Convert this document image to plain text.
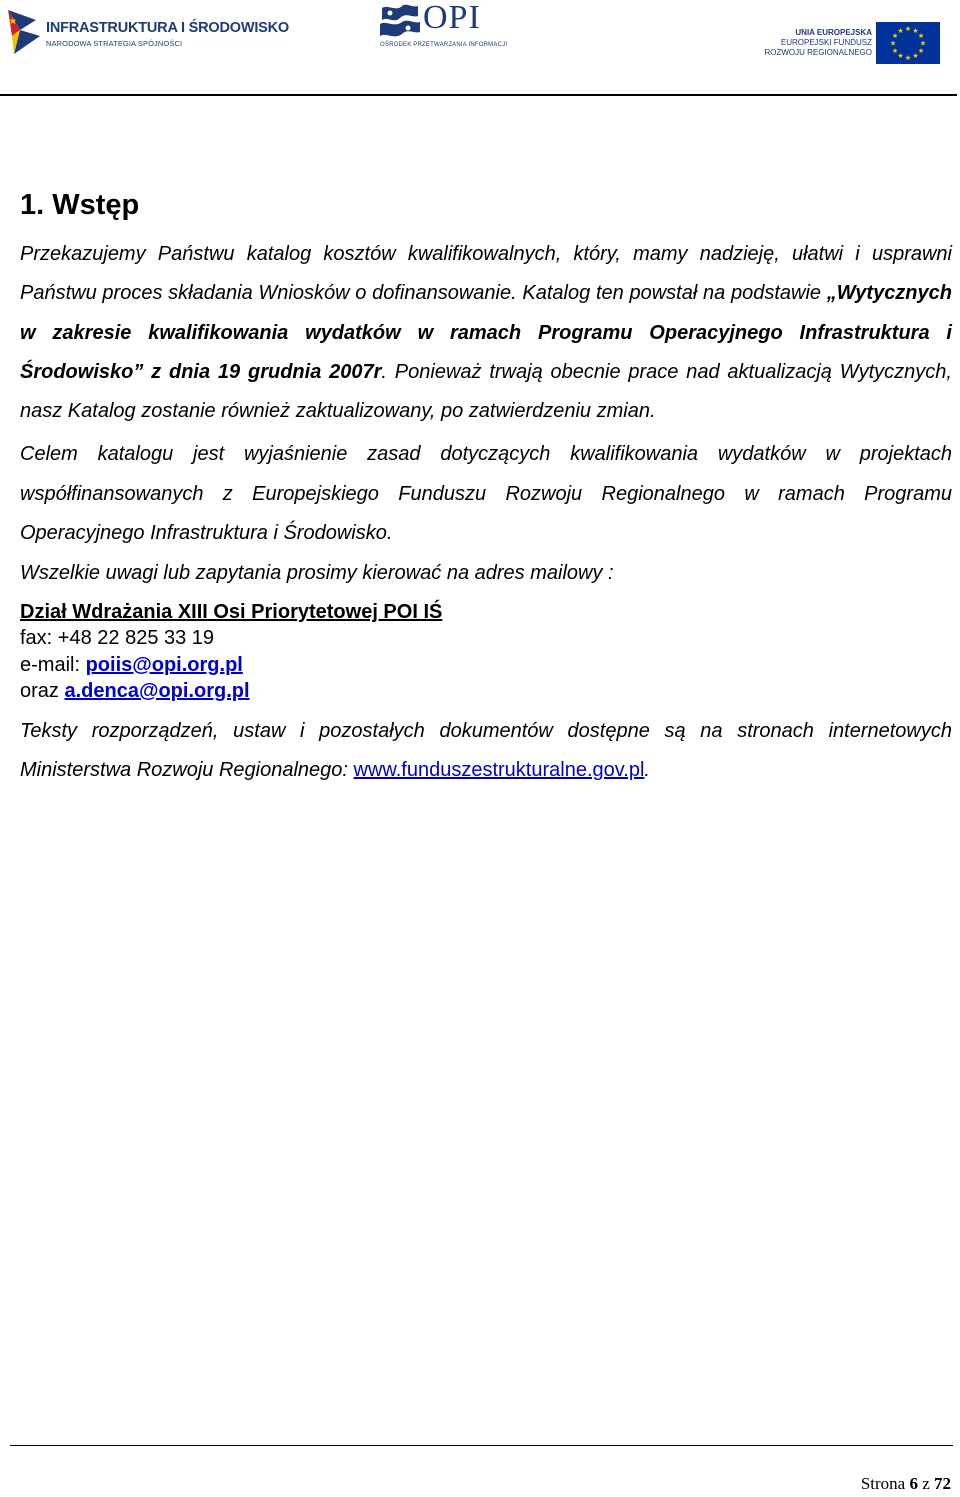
INFRASTRUKTURA I ŚRODOWISKO
NARODOWA STRATEGIA SPÓJNOŚCI
OPI
OŚRODEK PRZETWARZANIA INFORMACJI
UNIA EUROPEJSKA
EUROPEJSKI FUNDUSZ
ROZWOJU REGIONALNEGO
★ ★
★
★
★
★
★
★
★
★
★
★
1. Wstęp

Przekazujemy Państwu katalog kosztów kwalifikowalnych, który, mamy nadzieję, ułatwi i usprawni Państwu proces składania Wniosków o dofinansowanie. Katalog ten powstał na podstawie „Wytycznych w zakresie kwalifikowania wydatków w ramach Programu Operacyjnego Infrastruktura i Środowisko” z dnia 19 grudnia 2007r. Ponieważ trwają obecnie prace nad aktualizacją Wytycznych, nasz Katalog zostanie również zaktualizowany, po zatwierdzeniu zmian.

Celem katalogu jest wyjaśnienie zasad dotyczących kwalifikowania wydatków w projektach współfinansowanych z Europejskiego Funduszu Rozwoju Regionalnego w ramach Programu Operacyjnego Infrastruktura i Środowisko.

Wszelkie uwagi lub zapytania prosimy kierować na adres mailowy :

Dział Wdrażania XIII Osi Priorytetowej POI IŚ
fax: +48 22 825 33 19
e-mail: poiis@opi.org.pl
oraz a.denca@opi.org.pl

Teksty rozporządzeń, ustaw i pozostałych dokumentów dostępne są na stronach internetowych Ministerstwa Rozwoju Regionalnego: www.funduszestrukturalne.gov.pl.

Strona 6 z 72
